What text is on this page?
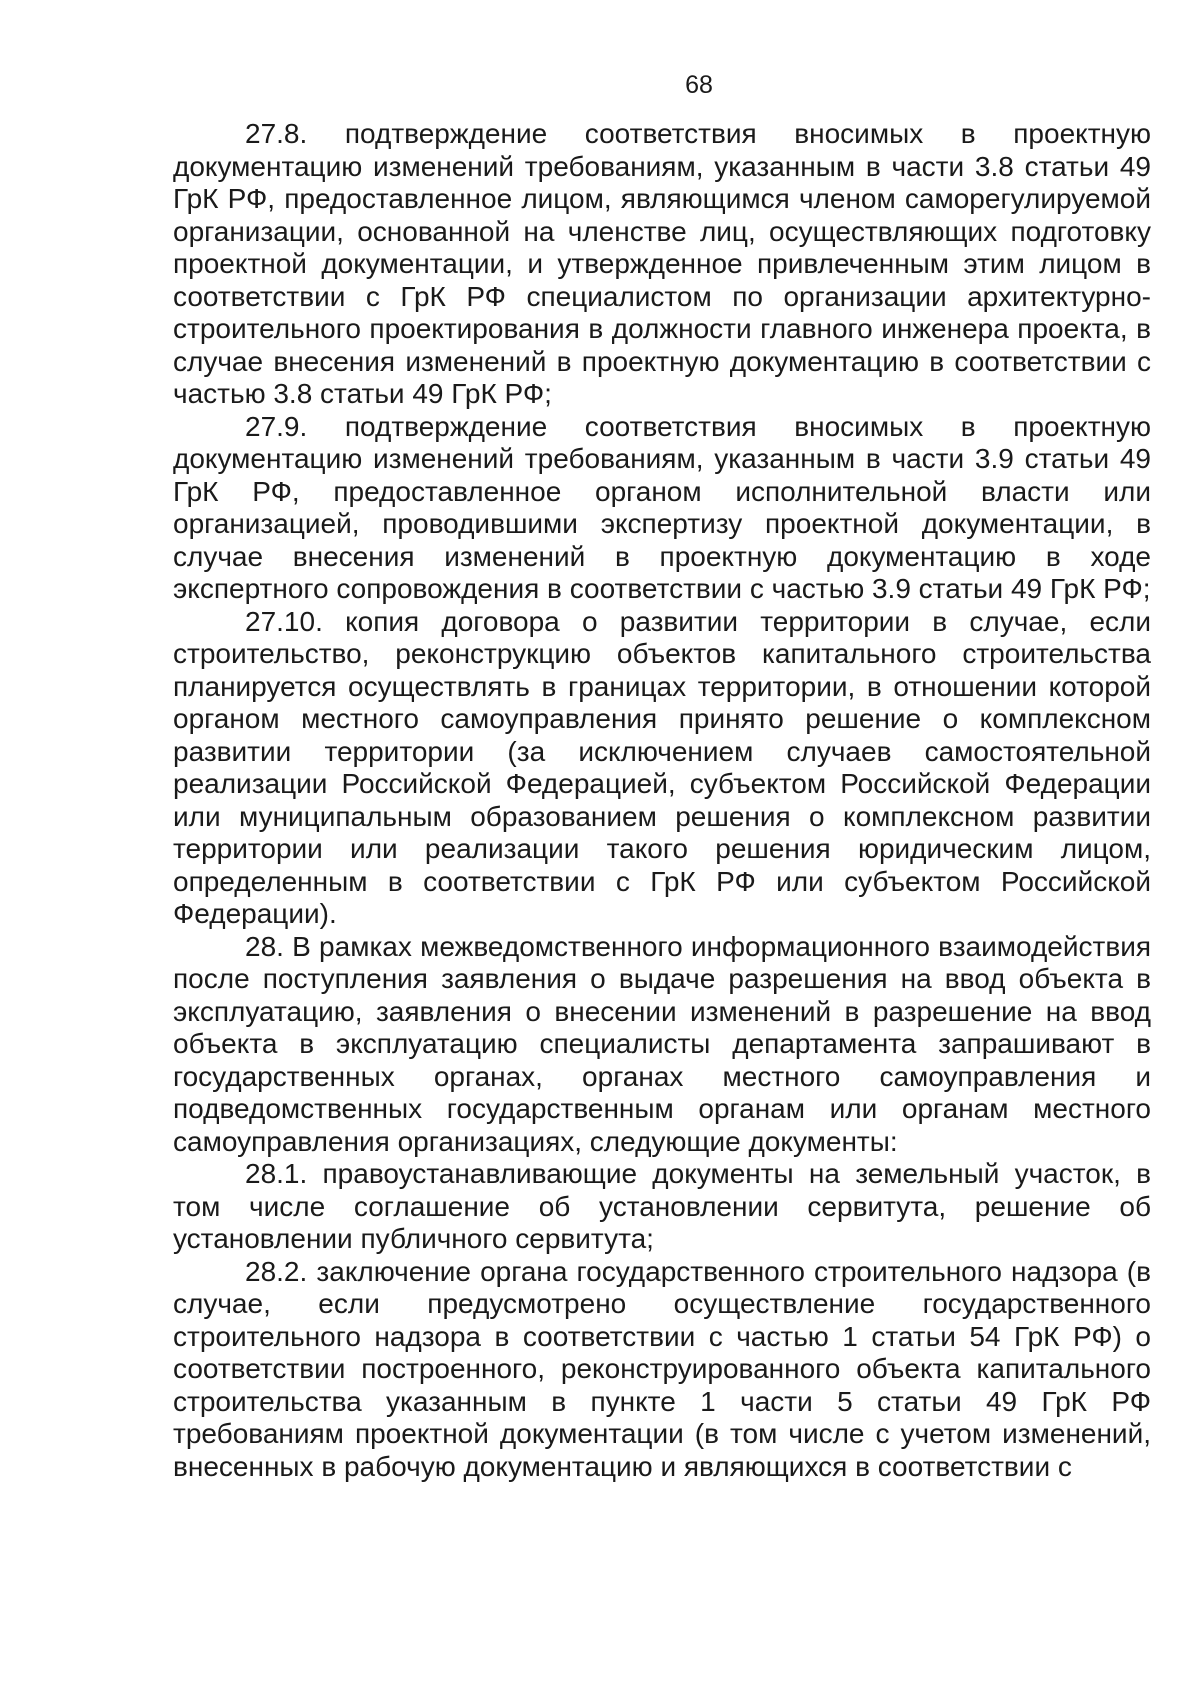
68

27.8. подтверждение соответствия вносимых в проектную документацию изменений требованиям, указанным в части 3.8 статьи 49 ГрК РФ, предоставленное лицом, являющимся членом саморегулируемой организации, основанной на членстве лиц, осуществляющих подготовку проектной документации, и утвержденное привлеченным этим лицом в соответствии с ГрК РФ специалистом по организации архитектурно-строительного проектирования в должности главного инженера проекта, в случае внесения изменений в проектную документацию в соответствии с частью 3.8 статьи 49 ГрК РФ;

27.9. подтверждение соответствия вносимых в проектную документацию изменений требованиям, указанным в части 3.9 статьи 49 ГрК РФ, предоставленное органом исполнительной власти или организацией, проводившими экспертизу проектной документации, в случае внесения изменений в проектную документацию в ходе экспертного сопровождения в соответствии с частью 3.9 статьи 49 ГрК РФ;

27.10. копия договора о развитии территории в случае, если строительство, реконструкцию объектов капитального строительства планируется осуществлять в границах территории, в отношении которой органом местного самоуправления принято решение о комплексном развитии территории (за исключением случаев самостоятельной реализации Российской Федерацией, субъектом Российской Федерации или муниципальным образованием решения о комплексном развитии территории или реализации такого решения юридическим лицом, определенным в соответствии с ГрК РФ или субъектом Российской Федерации).

28. В рамках межведомственного информационного взаимодействия после поступления заявления о выдаче разрешения на ввод объекта в эксплуатацию, заявления о внесении изменений в разрешение на ввод объекта в эксплуатацию специалисты департамента запрашивают в государственных органах, органах местного самоуправления и подведомственных государственным органам или органам местного самоуправления организациях, следующие документы:

28.1. правоустанавливающие документы на земельный участок, в том числе соглашение об установлении сервитута, решение об установлении публичного сервитута;

28.2. заключение органа государственного строительного надзора (в случае, если предусмотрено осуществление государственного строительного надзора в соответствии с частью 1 статьи 54 ГрК РФ) о соответствии построенного, реконструированного объекта капитального строительства указанным в пункте 1 части 5 статьи 49 ГрК РФ требованиям проектной документации (в том числе с учетом изменений, внесенных в рабочую документацию и являющихся в соответствии с
